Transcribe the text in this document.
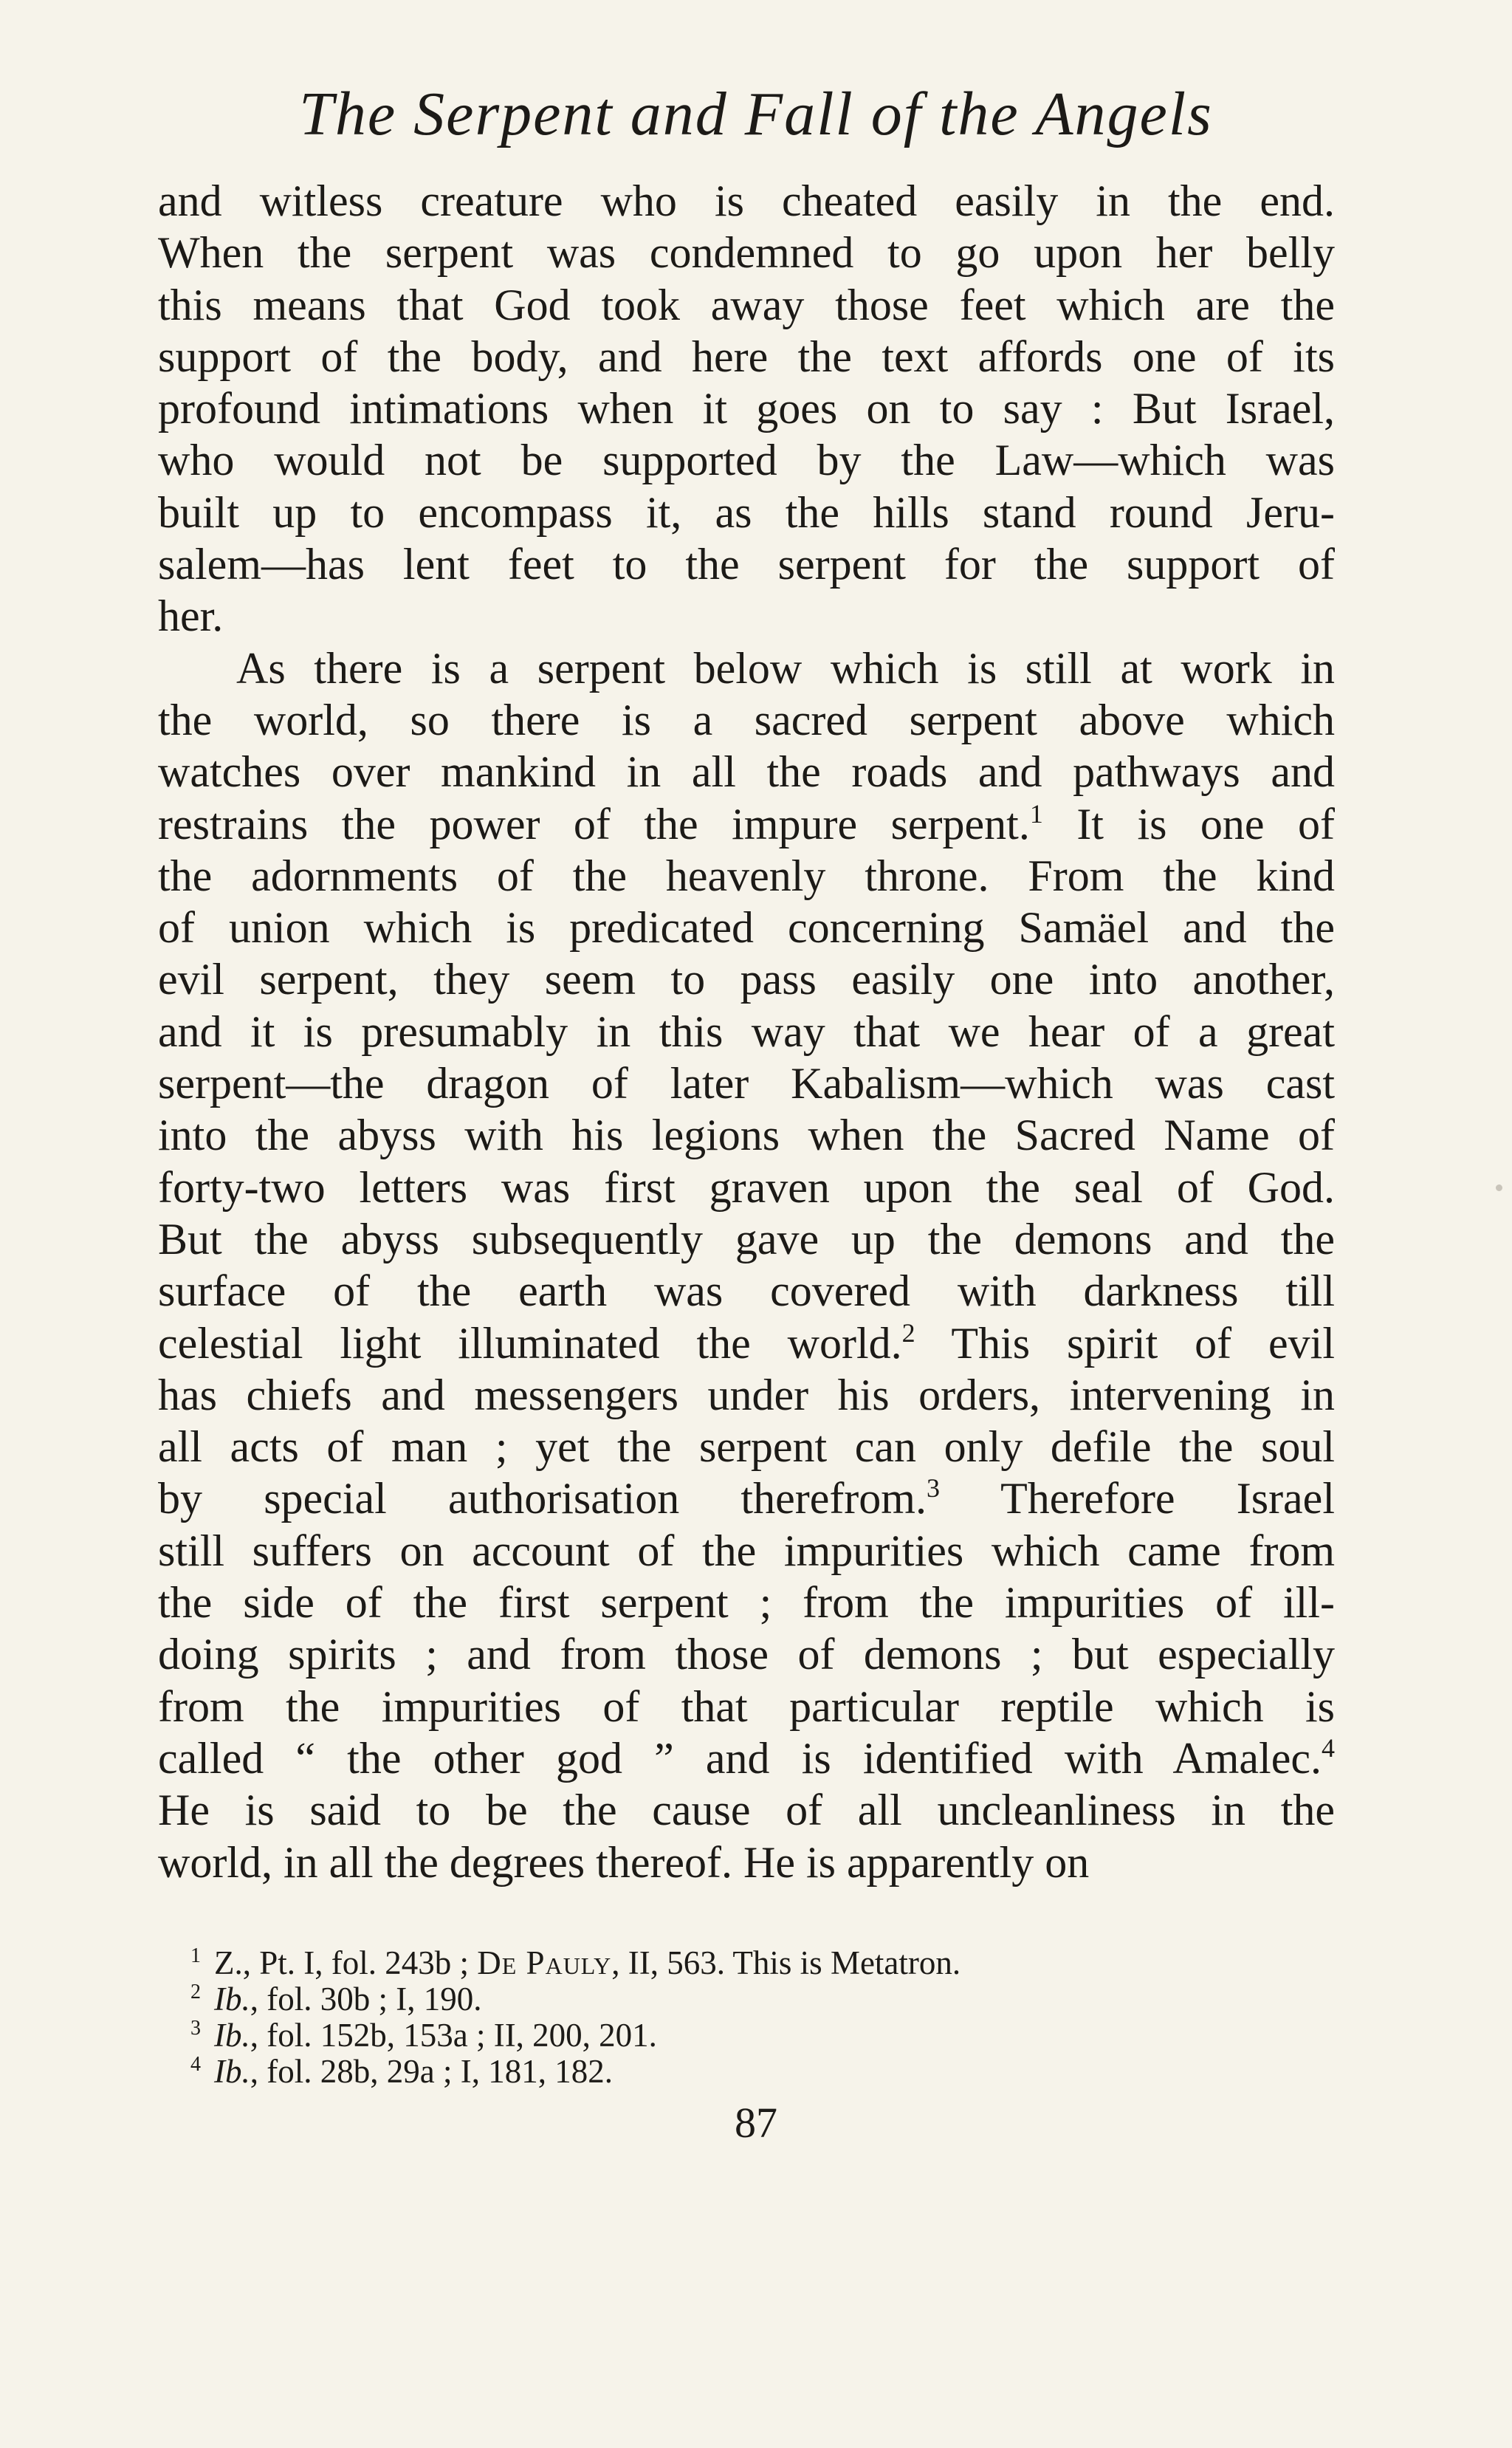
The Serpent and Fall of the Angels
and witless creature who is cheated easily in the end.
When the serpent was condemned to go upon her belly
this means that God took away those feet which are the
support of the body, and here the text affords one of its
profound intimations when it goes on to say : But Israel,
who would not be supported by the Law—which was
built up to encompass it, as the hills stand round Jeru-
salem—has lent feet to the serpent for the support of
her.
As there is a serpent below which is still at work in
the world, so there is a sacred serpent above which
watches over mankind in all the roads and pathways and
restrains the power of the impure serpent.$^1$ It is one of
the adornments of the heavenly throne. From the kind
of union which is predicated concerning Samäel and the
evil serpent, they seem to pass easily one into another,
and it is presumably in this way that we hear of a great
serpent—the dragon of later Kabalism—which was cast
into the abyss with his legions when the Sacred Name of
forty-two letters was first graven upon the seal of God.
But the abyss subsequently gave up the demons and the
surface of the earth was covered with darkness till
celestial light illuminated the world.$^2$ This spirit of evil
has chiefs and messengers under his orders, intervening in
all acts of man ; yet the serpent can only defile the soul
by special authorisation therefrom.$^3$ Therefore Israel
still suffers on account of the impurities which came from
the side of the first serpent ; from the impurities of ill-
doing spirits ; and from those of demons ; but especially
from the impurities of that particular reptile which is
called “ the other god ” and is identified with Amalec.$^4$
He is said to be the cause of all uncleanliness in the
world, in all the degrees thereof. He is apparently on
$^1$ Z., Pt. I, fol. 243b ; De Pauly, II, 563. This is Metatron.
$^2$ Ib., fol. 30b ; I, 190.
$^3$ Ib., fol. 152b, 153a ; II, 200, 201.
$^4$ Ib., fol. 28b, 29a ; I, 181, 182.
87
